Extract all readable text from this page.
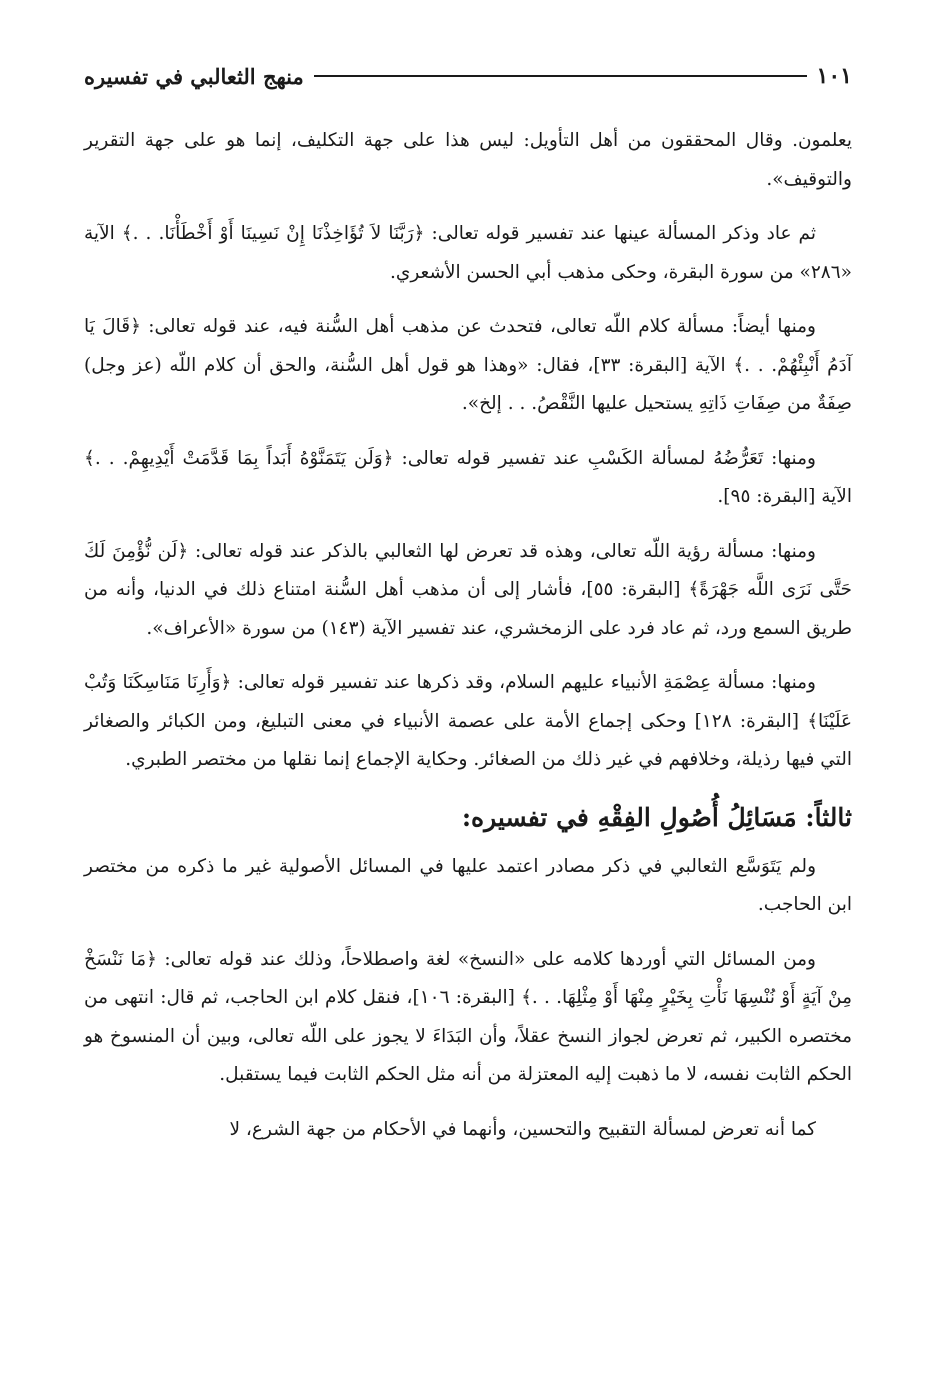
منهج الثعالبي في تفسيره	١٠١

يعلمون. وقال المحققون من أهل التأويل: ليس هذا على جهة التكليف، إنما هو على جهة التقرير والتوقيف».

ثم عاد وذكر المسألة عينها عند تفسير قوله تعالى: ﴿رَبَّنَا لاَ تُؤَاخِذْنَا إِنْ نَسِينَا أَوْ أَخْطَأْنَا. . .﴾ الآية «٢٨٦» من سورة البقرة، وحكى مذهب أبي الحسن الأشعري.

ومنها أيضاً: مسألة كلام اللّه تعالى، فتحدث عن مذهب أهل السُّنة فيه، عند قوله تعالى: ﴿قَالَ يَا آدَمُ أَنْبِئْهُمْ. . .﴾ الآية [البقرة: ٣٣]، فقال: «وهذا هو قول أهل السُّنة، والحق أن كلام اللّه (عز وجل) صِفَةٌ من صِفَاتِ ذَاتِهِ يستحيل عليها النَّقْصُ. . . إلخ».

ومنها: تَعَرُّضُهُ لمسألة الكَسْبِ عند تفسير قوله تعالى: ﴿وَلَن يَتَمَنَّوْهُ أَبَداً بِمَا قَدَّمَتْ أَيْدِيهِمْ. . .﴾ الآية [البقرة: ٩٥].

ومنها: مسألة رؤية اللّه تعالى، وهذه قد تعرض لها الثعالبي بالذكر عند قوله تعالى: ﴿لَن نُّؤْمِنَ لَكَ حَتَّى نَرَى اللَّه جَهْرَةً﴾ [البقرة: ٥٥]، فأشار إلى أن مذهب أهل السُّنة امتناع ذلك في الدنيا، وأنه من طريق السمع ورد، ثم عاد فرد على الزمخشري، عند تفسير الآية (١٤٣) من سورة «الأعراف».

ومنها: مسألة عِصْمَةِ الأنبياء عليهم السلام، وقد ذكرها عند تفسير قوله تعالى: ﴿وَأَرِنَا مَنَاسِكَنَا وَتُبْ عَلَيْنَا﴾ [البقرة: ١٢٨] وحكى إجماع الأمة على عصمة الأنبياء في معنى التبليغ، ومن الكبائر والصغائر التي فيها رذيلة، وخلافهم في غير ذلك من الصغائر. وحكاية الإجماع إنما نقلها من مختصر الطبري.

ثالثاً: مَسَائِلُ أُصُولِ الفِقْهِ في تفسيره:

ولم يَتَوَسَّع الثعالبي في ذكر مصادر اعتمد عليها في المسائل الأصولية غير ما ذكره من مختصر ابن الحاجب.

ومن المسائل التي أوردها كلامه على «النسخ» لغة واصطلاحاً، وذلك عند قوله تعالى: ﴿مَا نَنْسَخْ مِنْ آيَةٍ أَوْ نُنْسِهَا نَأْتِ بِخَيْرٍ مِنْهَا أَوْ مِثْلِهَا. . .﴾ [البقرة: ١٠٦]، فنقل كلام ابن الحاجب، ثم قال: انتهى من مختصره الكبير، ثم تعرض لجواز النسخ عقلاً، وأن البَدَاءَ لا يجوز على اللّه تعالى، وبين أن المنسوخ هو الحكم الثابت نفسه، لا ما ذهبت إليه المعتزلة من أنه مثل الحكم الثابت فيما يستقبل.

كما أنه تعرض لمسألة التقبيح والتحسين، وأنهما في الأحكام من جهة الشرع، لا
